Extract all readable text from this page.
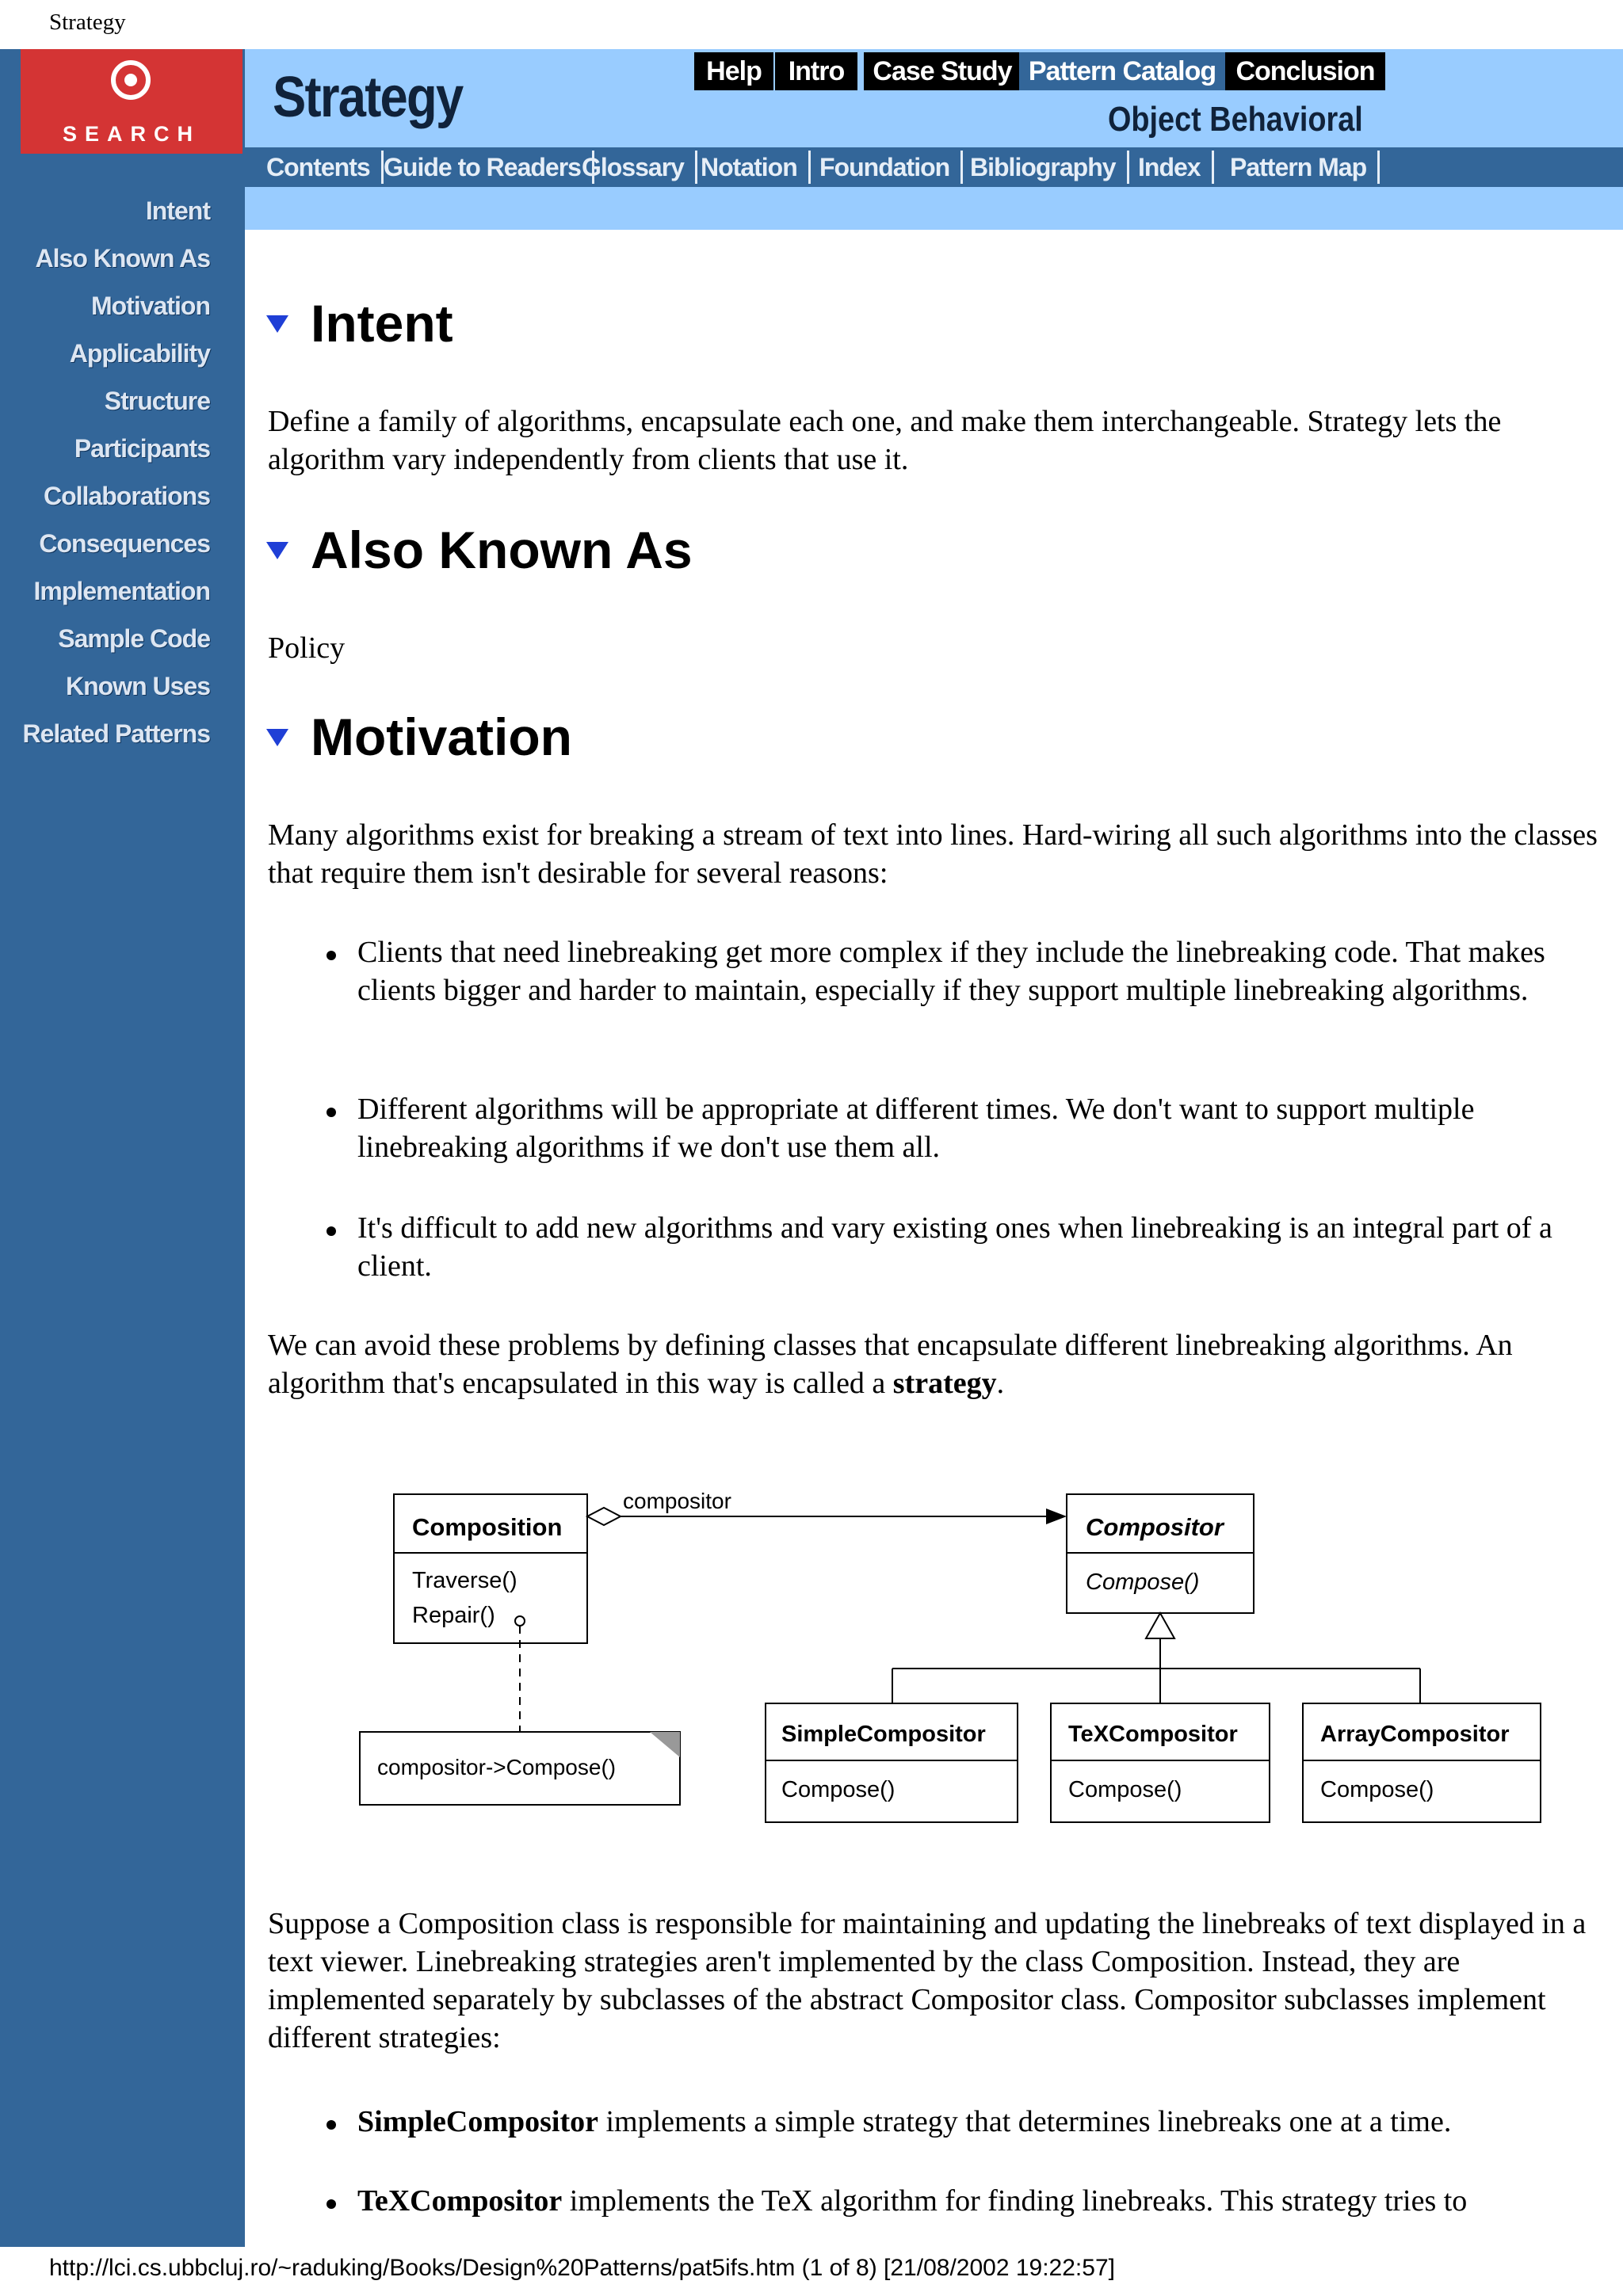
Strategy
SEARCH
Intent
Also Known As
Motivation
Applicability
Structure
Participants
Collaborations
Consequences
Implementation
Sample Code
Known Uses
Related Patterns
Strategy	Object Behavioral
Help Intro	Case Study Pattern Catalog Conclusion
Contents Guide to Readers Glossary Notation Foundation Bibliography Index	Pattern Map
Intent
Define a family of algorithms, encapsulate each one, and make them interchangeable. Strategy lets the algorithm vary independently from clients that use it.
Also Known As
Policy
Motivation
Many algorithms exist for breaking a stream of text into lines. Hard-wiring all such algorithms into the classes that require them isn't desirable for several reasons:
Clients that need linebreaking get more complex if they include the linebreaking code. That makes clients bigger and harder to maintain, especially if they support multiple linebreaking algorithms.
Different algorithms will be appropriate at different times. We don't want to support multiple linebreaking algorithms if we don't use them all.
It's difficult to add new algorithms and vary existing ones when linebreaking is an integral part of a client.
We can avoid these problems by defining classes that encapsulate different linebreaking algorithms. An algorithm that's encapsulated in this way is called a strategy.
Composition
Traverse()
Repair()
compositor
Compositor
Compose()
compositor->Compose()
SimpleCompositor
Compose()
TeXCompositor
Compose()
ArrayCompositor
Compose()
Suppose a Composition class is responsible for maintaining and updating the linebreaks of text displayed in a text viewer. Linebreaking strategies aren't implemented by the class Composition. Instead, they are implemented separately by subclasses of the abstract Compositor class. Compositor subclasses implement different strategies:
SimpleCompositor implements a simple strategy that determines linebreaks one at a time.
TeXCompositor implements the TeX algorithm for finding linebreaks. This strategy tries to
http://lci.cs.ubbcluj.ro/~raduking/Books/Design%20Patterns/pat5ifs.htm (1 of 8) [21/08/2002 19:22:57]
